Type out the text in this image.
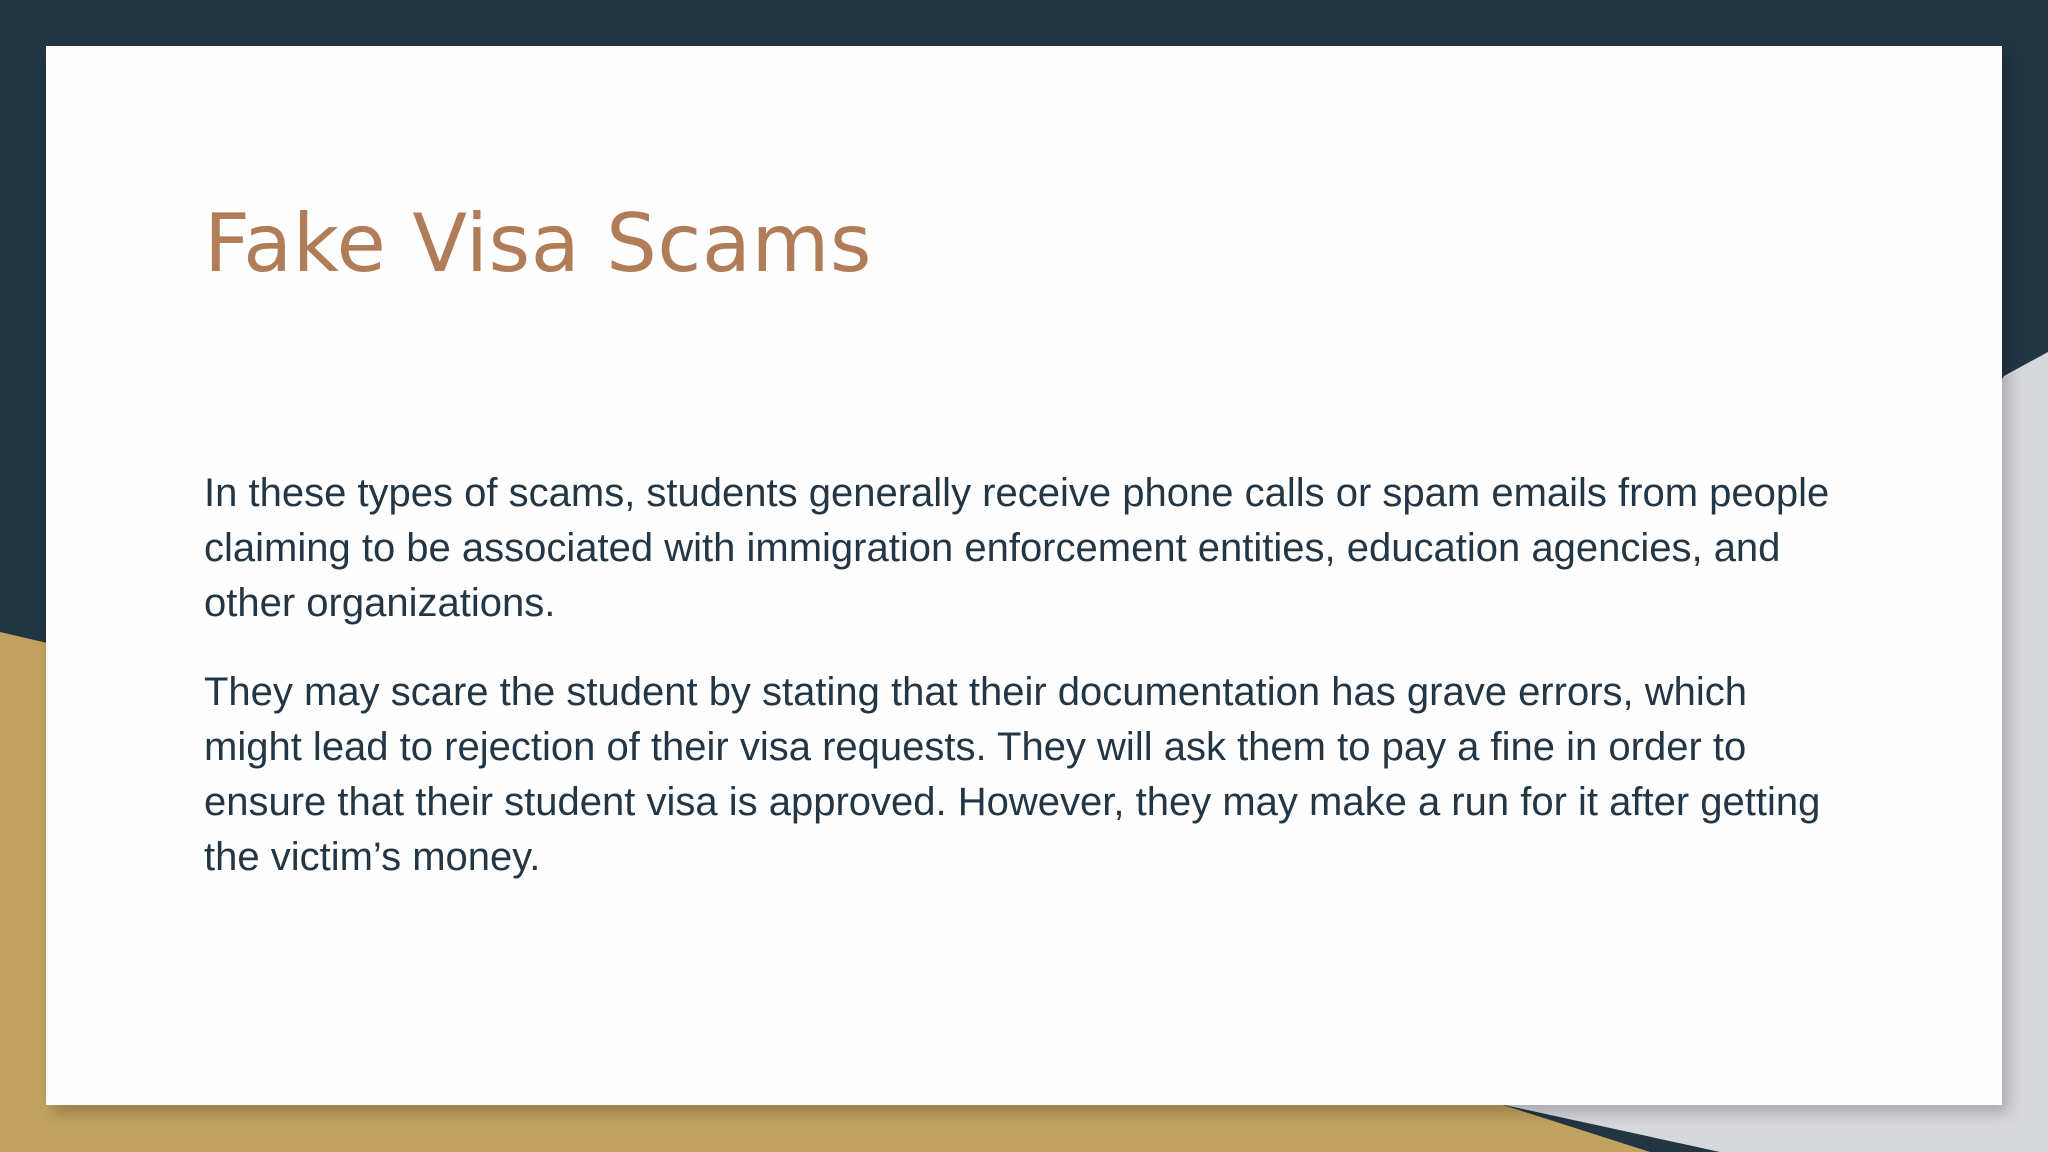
Fake Visa Scams

In these types of scams, students generally receive phone calls or spam emails from people claiming to be associated with immigration enforcement entities, education agencies, and other organizations.

They may scare the student by stating that their documentation has grave errors, which might lead to rejection of their visa requests. They will ask them to pay a fine in order to ensure that their student visa is approved. However, they may make a run for it after getting the victim’s money.
